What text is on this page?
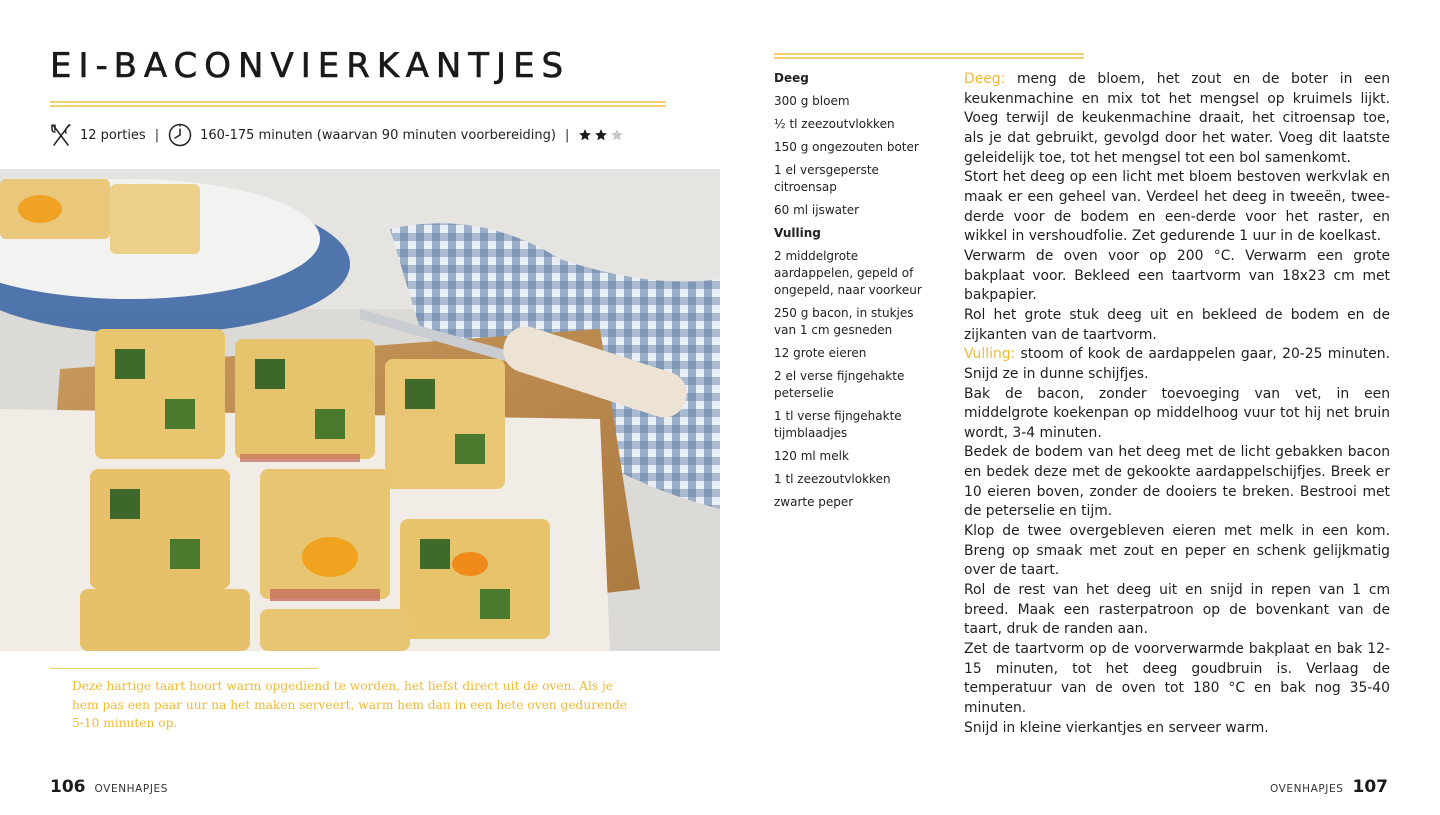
EI-BACONVIERKANTJES
12 porties |	160-175 minuten (waarvan 90 minuten voorbereiding) |

Deze hartige taart hoort warm opgediend te worden, het liefst direct uit de oven. Als je hem pas een paar uur na het maken serveert, warm hem dan in een hete oven gedurende 5-10 minuten op.

106 OVENHAPJES
Deeg
300 g bloem
½ tl zeezoutvlokken
150 g ongezouten boter
1 el versgeperste citroensap
60 ml ijswater
Vulling
2 middelgrote aardappelen, gepeld of ongepeld, naar voorkeur
250 g bacon, in stukjes van 1 cm gesneden
12 grote eieren
2 el verse fijngehakte peterselie
1 tl verse fijngehakte tijmblaadjes
120 ml melk
1 tl zeezoutvlokken
zwarte peper

Deeg: meng de bloem, het zout en de boter in een keukenmachine en mix tot het mengsel op kruimels lijkt. Voeg terwijl de keukenmachine draait, het citroensap toe, als je dat gebruikt, gevolgd door het water. Voeg dit laatste geleidelijk toe, tot het mengsel tot een bol samenkomt.

Stort het deeg op een licht met bloem bestoven werkvlak en maak er een geheel van. Verdeel het deeg in tweeën, twee-derde voor de bodem en een-derde voor het raster, en wikkel in vershoudfolie. Zet gedurende 1 uur in de koelkast.

Verwarm de oven voor op 200 °C. Verwarm een grote bakplaat voor. Bekleed een taartvorm van 18x23 cm met bakpapier.

Rol het grote stuk deeg uit en bekleed de bodem en de zijkanten van de taartvorm.

Vulling: stoom of kook de aardappelen gaar, 20-25 minuten. Snijd ze in dunne schijfjes.

Bak de bacon, zonder toevoeging van vet, in een middelgrote koekenpan op middelhoog vuur tot hij net bruin wordt, 3-4 minuten.

Bedek de bodem van het deeg met de licht gebakken bacon en bedek deze met de gekookte aardappelschijfjes. Breek er 10 eieren boven, zonder de dooiers te breken. Bestrooi met de peterselie en tijm.

Klop de twee overgebleven eieren met melk in een kom. Breng op smaak met zout en peper en schenk gelijkmatig over de taart.

Rol de rest van het deeg uit en snijd in repen van 1 cm breed. Maak een rasterpatroon op de bovenkant van de taart, druk de randen aan.

Zet de taartvorm op de voorverwarmde bakplaat en bak 12-15 minuten, tot het deeg goudbruin is. Verlaag de temperatuur van de oven tot 180 °C en bak nog 35-40 minuten.

Snijd in kleine vierkantjes en serveer warm.

OVENHAPJES 107
